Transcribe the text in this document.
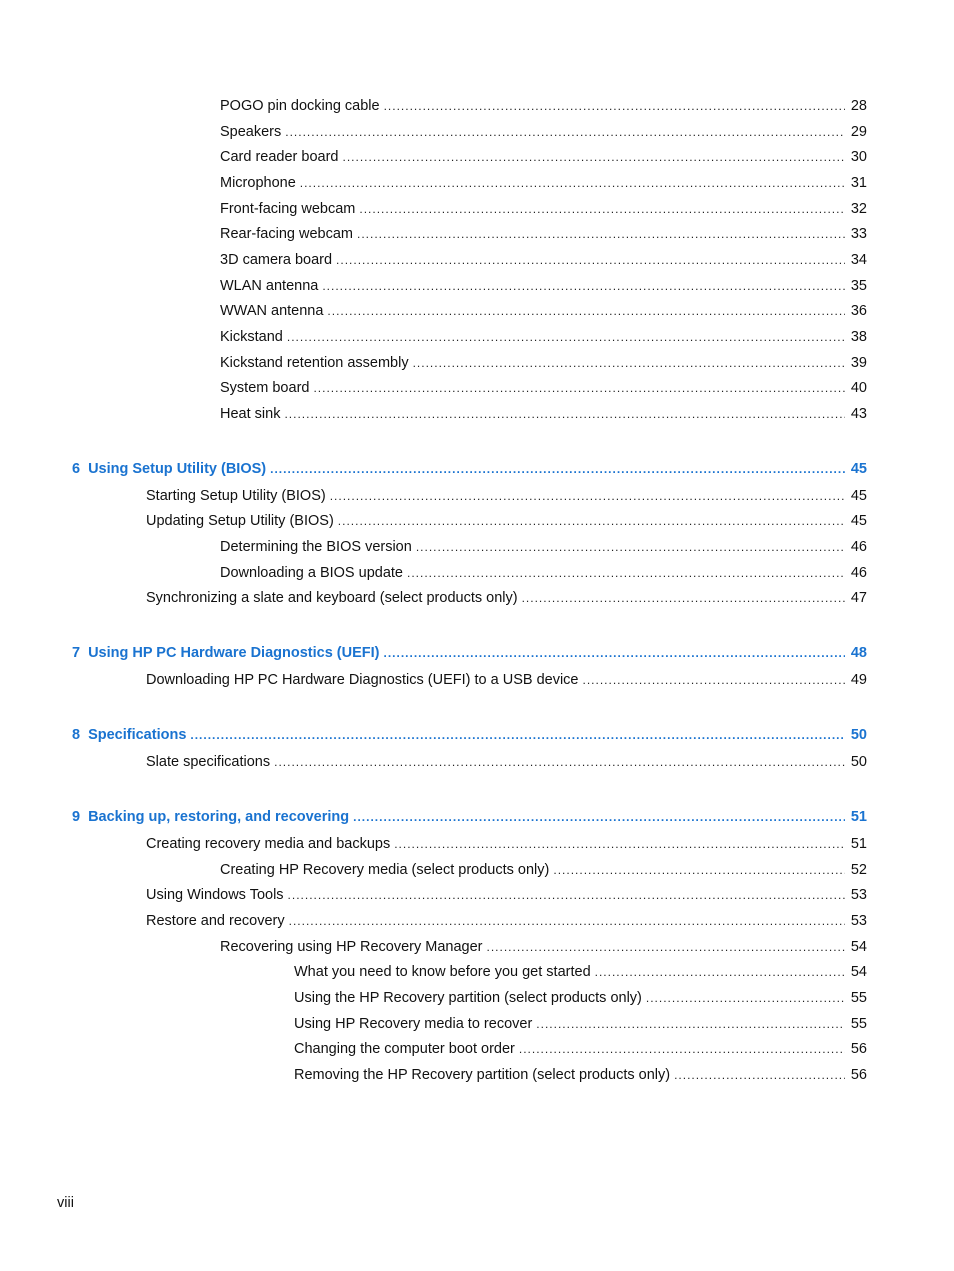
POGO pin docking cable .....	28
Speakers .....	29
Card reader board .....	30
Microphone .....	31
Front-facing webcam .....	32
Rear-facing webcam .....	33
3D camera board .....	34
WLAN antenna .....	35
WWAN antenna .....	36
Kickstand .....	38
Kickstand retention assembly .....	39
System board .....	40
Heat sink .....	43
6 Using Setup Utility (BIOS) .....	45
Starting Setup Utility (BIOS) .....	45
Updating Setup Utility (BIOS) .....	45
Determining the BIOS version .....	46
Downloading a BIOS update .....	46
Synchronizing a slate and keyboard (select products only) .....	47
7 Using HP PC Hardware Diagnostics (UEFI) .....	48
Downloading HP PC Hardware Diagnostics (UEFI) to a USB device .....	49
8 Specifications .....	50
Slate specifications .....	50
9 Backing up, restoring, and recovering .....	51
Creating recovery media and backups .....	51
Creating HP Recovery media (select products only) .....	52
Using Windows Tools .....	53
Restore and recovery .....	53
Recovering using HP Recovery Manager .....	54
What you need to know before you get started .....	54
Using the HP Recovery partition (select products only) .....	55
Using HP Recovery media to recover .....	55
Changing the computer boot order .....	56
Removing the HP Recovery partition (select products only) .....	56
viii
